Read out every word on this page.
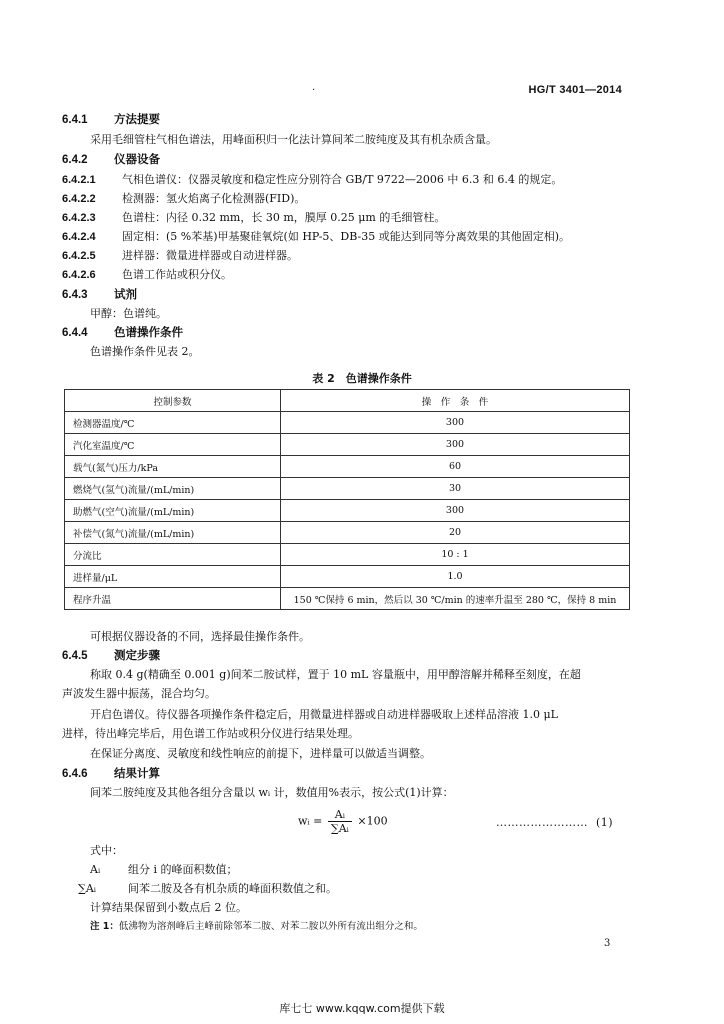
.	HG/T 3401—2014
6.4.1 方法提要
采用毛细管柱气相色谱法，用峰面积归一化法计算间苯二胺纯度及其有机杂质含量。
6.4.2 仪器设备
6.4.2.1 气相色谱仪：仪器灵敏度和稳定性应分别符合 GB/T 9722—2006 中 6.3 和 6.4 的规定。
6.4.2.2 检测器：氢火焰离子化检测器(FID)。
6.4.2.3 色谱柱：内径 0.32 mm，长 30 m，膜厚 0.25 μm 的毛细管柱。
6.4.2.4 固定相：(5 %苯基)甲基聚硅氧烷(如 HP-5、DB-35 或能达到同等分离效果的其他固定相)。
6.4.2.5 进样器：微量进样器或自动进样器。
6.4.2.6 色谱工作站或积分仪。
6.4.3 试剂
甲醇：色谱纯。
6.4.4 色谱操作条件
色谱操作条件见表 2。
表 2　色谱操作条件
控制参数	操　作　条　件
检测器温度/℃	300
汽化室温度/℃	300
载气(氮气)压力/kPa	60
燃烧气(氢气)流量/(mL/min)	30
助燃气(空气)流量/(mL/min)	300
补偿气(氮气)流量/(mL/min)	20
分流比	10 : 1
进样量/μL	1.0
程序升温	150 ℃保持 6 min，然后以 30 ℃/min 的速率升温至 280 ℃，保持 8 min
可根据仪器设备的不同，选择最佳操作条件。
6.4.5 测定步骤
称取 0.4 g(精确至 0.001 g)间苯二胺试样，置于 10 mL 容量瓶中，用甲醇溶解并稀释至刻度，在超
声波发生器中振荡，混合均匀。
开启色谱仪。待仪器各项操作条件稳定后，用微量进样器或自动进样器吸取上述样品溶液 1.0 μL
进样，待出峰完毕后，用色谱工作站或积分仪进行结果处理。
在保证分离度、灵敏度和线性响应的前提下，进样量可以做适当调整。
6.4.6 结果计算
间苯二胺纯度及其他各组分含量以 wᵢ 计，数值用%表示，按公式(1)计算：
wᵢ = $\frac{\text{Aᵢ}}{\text{∑Aᵢ}} \times 100$	…………………… (1)
式中：
Aᵢ	组分 i 的峰面积数值；
∑Aᵢ	间苯二胺及各有机杂质的峰面积数值之和。
计算结果保留到小数点后 2 位。
注 1：低沸物为溶剂峰后主峰前除邻苯二胺、对苯二胺以外所有流出组分之和。
3
库七七 www.kqqw.com提供下载
